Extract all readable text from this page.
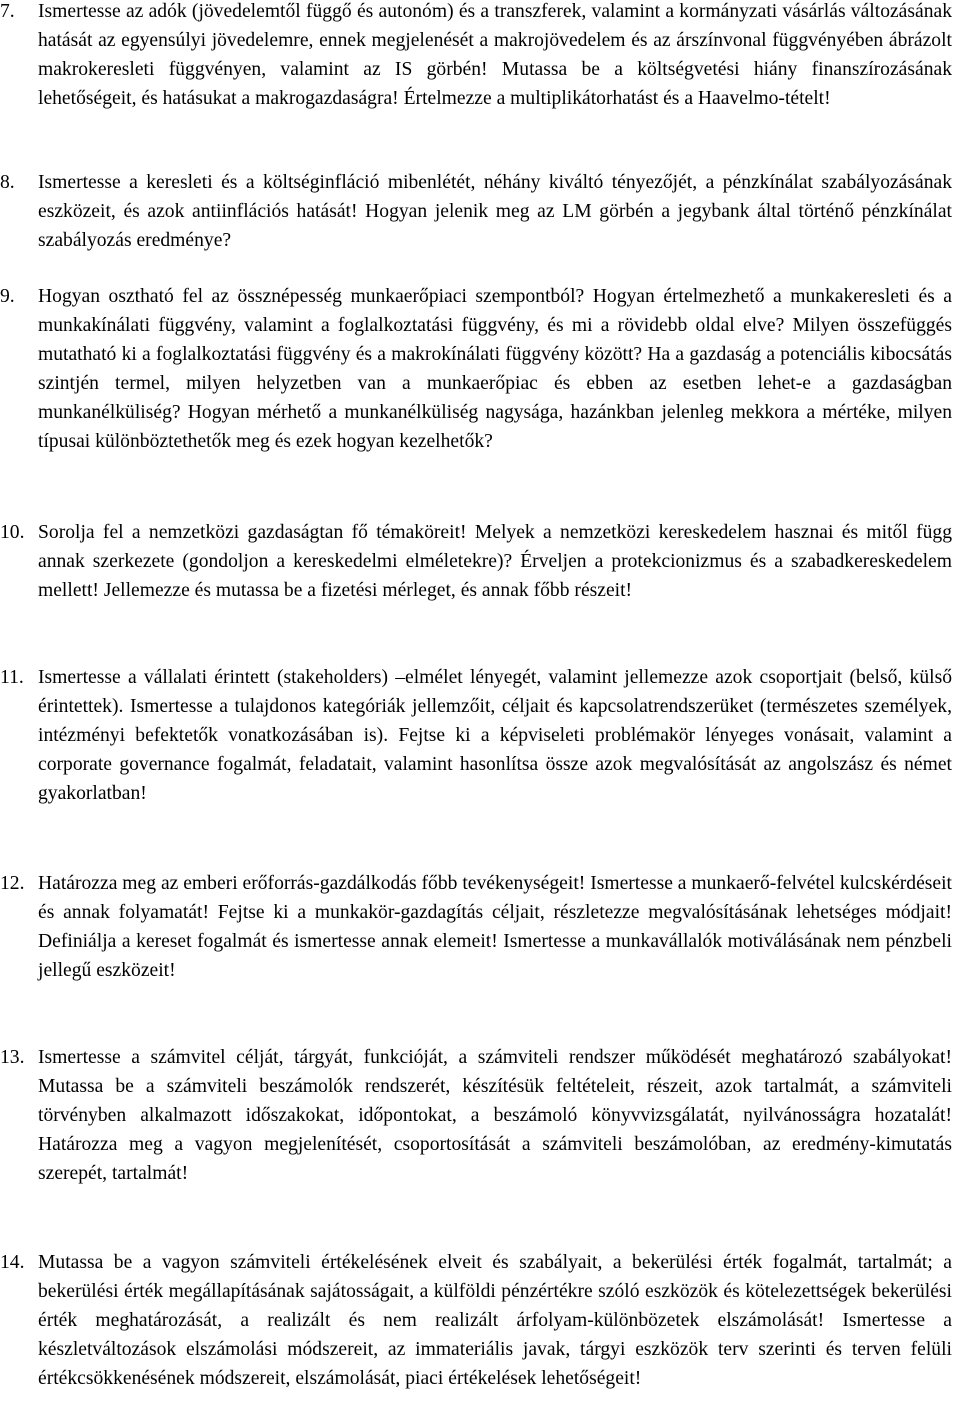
7.	Ismertesse az adók (jövedelemtől függő és autonóm) és a transzferek, valamint a kormányzati vásárlás változásának hatását az egyensúlyi jövedelemre, ennek megjelenését a makrojövedelem és az árszínvonal függvényében ábrázolt makrokeresleti függvényen, valamint az IS görbén! Mutassa be a költségvetési hiány finanszírozásának lehetőségeit, és hatásukat a makrogazdaságra! Értelmezze a multiplikátorhatást és a Haavelmo-tételt!

8.	Ismertesse a keresleti és a költséginfláció mibenlétét, néhány kiváltó tényezőjét, a pénzkínálat szabályozásának eszközeit, és azok antiinflációs hatását! Hogyan jelenik meg az LM görbén a jegybank által történő pénzkínálat szabályozás eredménye?

9.	Hogyan osztható fel az össznépesség munkaerőpiaci szempontból? Hogyan értelmezhető a munkakeresleti és a munkakínálati függvény, valamint a foglalkoztatási függvény, és mi a rövidebb oldal elve? Milyen összefüggés mutatható ki a foglalkoztatási függvény és a makrokínálati függvény között? Ha a gazdaság a potenciális kibocsátás szintjén termel, milyen helyzetben van a munkaerőpiac és ebben az esetben lehet-e a gazdaságban munkanélküliség? Hogyan mérhető a munkanélküliség nagysága, hazánkban jelenleg mekkora a mértéke, milyen típusai különböztethetők meg és ezek hogyan kezelhetők?

10. Sorolja fel a nemzetközi gazdaságtan fő témaköreit! Melyek a nemzetközi kereskedelem hasznai és mitől függ annak szerkezete (gondoljon a kereskedelmi elméletekre)? Érveljen a protekcionizmus és a szabadkereskedelem mellett! Jellemezze és mutassa be a fizetési mérleget, és annak főbb részeit!

11. Ismertesse a vállalati érintett (stakeholders) –elmélet lényegét, valamint jellemezze azok csoportjait (belső, külső érintettek). Ismertesse a tulajdonos kategóriák jellemzőit, céljait és kapcsolatrendszerüket (természetes személyek, intézményi befektetők vonatkozásában is). Fejtse ki a képviseleti problémakör lényeges vonásait, valamint a corporate governance fogalmát, feladatait, valamint hasonlítsa össze azok megvalósítását az angolszász és német gyakorlatban!

12. Határozza meg az emberi erőforrás-gazdálkodás főbb tevékenységeit! Ismertesse a munkaerő-felvétel kulcskérdéseit és annak folyamatát! Fejtse ki a munkakör-gazdagítás céljait, részletezze megvalósításának lehetséges módjait! Definiálja a kereset fogalmát és ismertesse annak elemeit! Ismertesse a munkavállalók motiválásának nem pénzbeli jellegű eszközeit!

13. Ismertesse a számvitel célját, tárgyát, funkcióját, a számviteli rendszer működését meghatározó szabályokat! Mutassa be a számviteli beszámolók rendszerét, készítésük feltételeit, részeit, azok tartalmát, a számviteli törvényben alkalmazott időszakokat, időpontokat, a beszámoló könyvvizsgálatát, nyilvánosságra hozatalát! Határozza meg a vagyon megjelenítését, csoportosítását a számviteli beszámolóban, az eredmény-kimutatás szerepét, tartalmát!

14. Mutassa be a vagyon számviteli értékelésének elveit és szabályait, a bekerülési érték fogalmát, tartalmát; a bekerülési érték megállapításának sajátosságait, a külföldi pénzértékre szóló eszközök és kötelezettségek bekerülési érték meghatározását, a realizált és nem realizált árfolyam-különbözetek elszámolását! Ismertesse a készletváltozások elszámolási módszereit, az immateriális javak, tárgyi eszközök terv szerinti és terven felüli értékcsökkenésének módszereit, elszámolását, piaci értékelések lehetőségeit!
